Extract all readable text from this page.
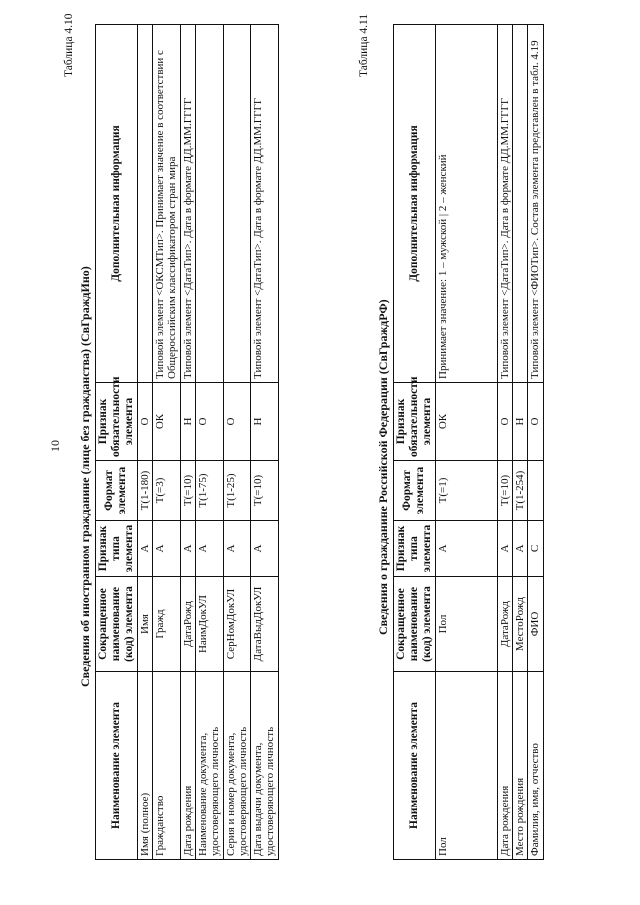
10
Таблица 4.10
Сведения об иностранном гражданине (лице без гражданства) (СвГраждИно)
Наименование элемента	Сокращенное наименование (код) элемента	Признак типа элемента	Формат элемента	Признак обязательности элемента	Дополнительная информация
Имя (полное)	Имя	А	Т(1-180)	О	
Гражданство	Гражд	А	Т(=3)	ОК	Типовой элемент <ОКСМТип>. Принимает значение в соответствии с Общероссийским классификатором стран мира
Дата рождения	ДатаРожд	А	Т(=10)	Н	Типовой элемент <ДатаТип>. Дата в формате ДД.ММ.ГГГГ
Наименование документа, удостоверяющего личность	НаимДокУЛ	А	Т(1-75)	О	
Серия и номер документа, удостоверяющего личность	СерНомДокУЛ	А	Т(1-25)	О	
Дата выдачи документа, удостоверяющего личность	ДатаВыдДокУЛ	А	Т(=10)	Н	Типовой элемент <ДатаТип>. Дата в формате ДД.ММ.ГГГГ
Таблица 4.11
Сведения о гражданине Российской Федерации (СвГраждРФ)
Наименование элемента	Сокращенное наименование (код) элемента	Признак типа элемента	Формат элемента	Признак обязательности элемента	Дополнительная информация
Пол	Пол	А	Т(=1)	ОК	Принимает значение: 1 – мужской | 2 – женский
Дата рождения	ДатаРожд	А	Т(=10)	О	Типовой элемент <ДатаТип>. Дата в формате ДД.ММ.ГГГГ
Место рождения	МестоРожд	А	Т(1-254)	Н	
Фамилия, имя, отчество	ФИО	С		О	Типовой элемент <ФИОТип>. Состав элемента представлен в табл. 4.19
